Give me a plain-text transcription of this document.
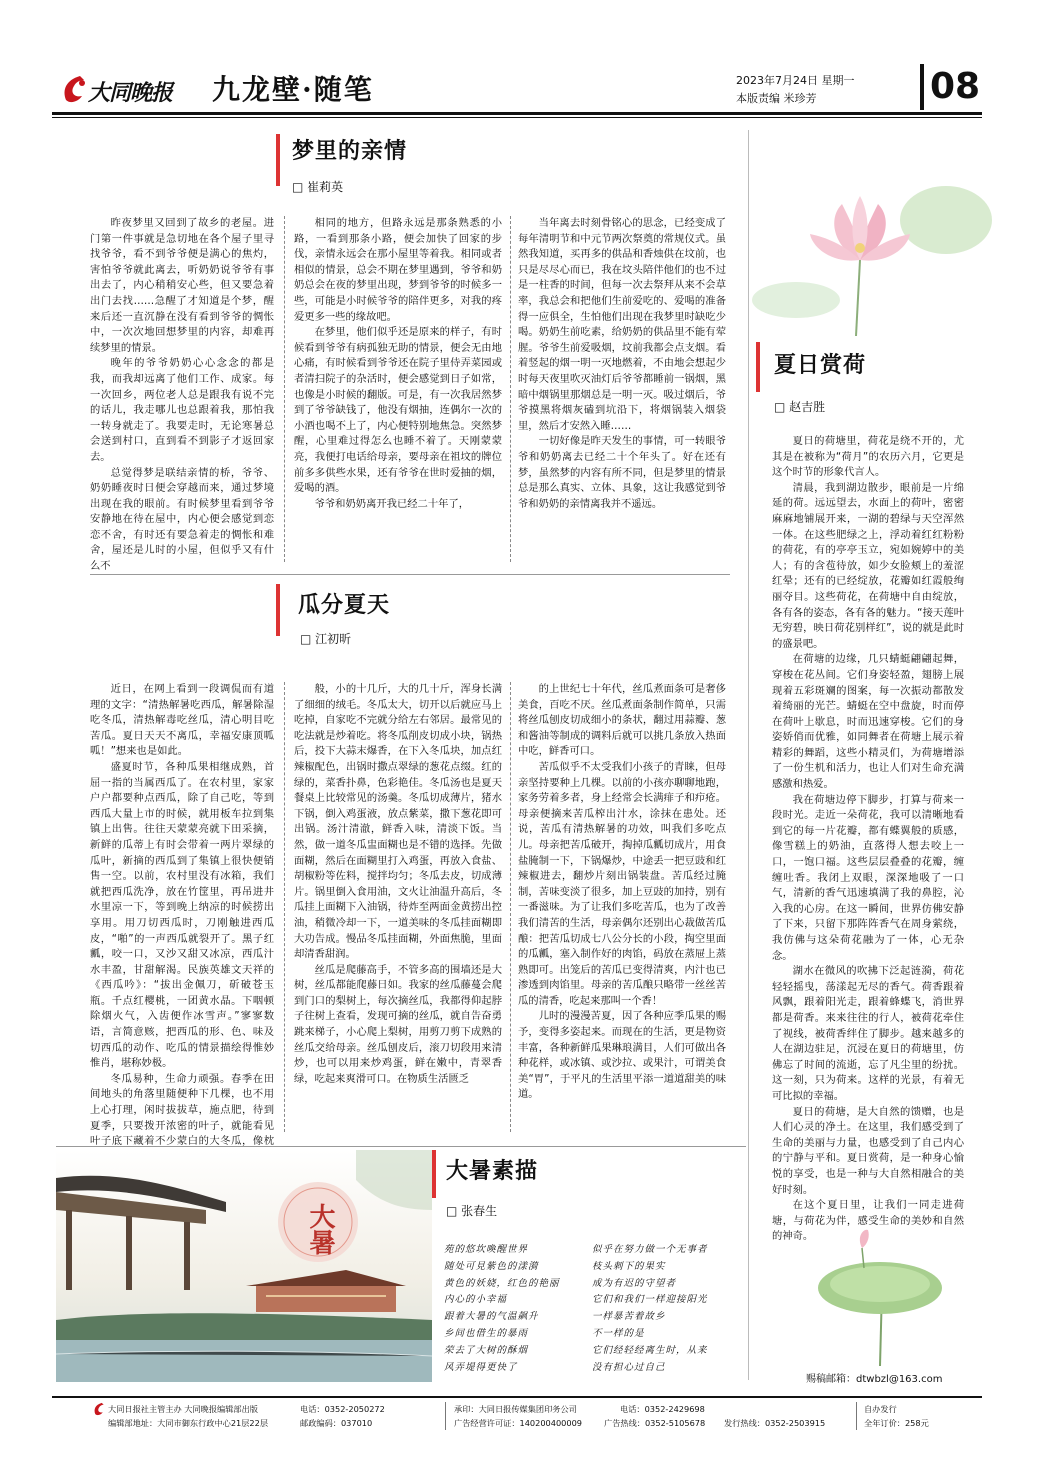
大同晚报 九龙壁·随笔	2023年7月24日 星期一
本版责编 米珍芳	08
梦里的亲情
□ 崔莉英

昨夜梦里又回到了故乡的老屋。进门第一件事就是急切地在各个屋子里寻找爷爷，看不到爷爷便是满心的焦灼，害怕爷爷就此离去，听奶奶说爷爷有事出去了，内心稍稍安心些，但又要急着出门去找……急醒了才知道是个梦，醒来后还一直沉静在没有看到爷爷的惆怅中，一次次地回想梦里的内容，却难再续梦里的情景。

晚年的爷爷奶奶心心念念的都是我，而我却远离了他们工作、成家。每一次回乡，两位老人总是跟我有说不完的话儿，我走哪儿也总跟着我，那怕我一转身就走了。我要走时，无论寒暑总会送到村口，直到看不到影子才返回家去。

总觉得梦是联结亲情的桥，爷爷、奶奶睡夜时日便会穿越而来，通过梦境出现在我的眼前。有时候梦里看到爷爷安静地在待在屋中，内心便会感觉到恋恋不舍，有时还有要急着走的惆怅和难舍，屋还是儿时的小屋，但似乎又有什么不

相同的地方，但路永远是那条熟悉的小路，一看到那条小路，便会加快了回家的步伐，亲情永远会在那小屋里等着我。相同或者相似的情景，总会不期在梦里遇到，爷爷和奶奶总会在夜的梦里出现，梦到爷爷的时候多一些，可能是小时候爷爷的陪伴更多，对我的疼爱更多一些的缘故吧。

在梦里，他们似乎还是原来的样子，有时候看到爷爷有病孤独无助的情景，便会无由地心痛，有时候看到爷爷还在院子里侍弄菜园或者清扫院子的杂活时，便会感觉到日子如常，也像是小时候的翻版。可是，有一次我居然梦到了爷爷缺钱了，他没有烟抽，连偶尔一次的小酒也喝不上了，内心便特别地焦急。突然梦醒，心里难过得怎么也睡不着了。天刚蒙蒙亮，我便打电话给母亲，要母亲在祖坟的牌位前多多供些水果，还有爷爷在世时爱抽的烟，爱喝的酒。

爷爷和奶奶离开我已经二十年了，

当年离去时刻骨铭心的思念，已经变成了每年清明节和中元节两次祭奠的常规仪式。虽然我知道，买再多的供品和香烛供在坟前，也只是尽尽心而已，我在坟头陪伴他们的也不过是一柱香的时间，但每一次去祭拜从来不会草率，我总会和把他们生前爱吃的、爱喝的准备得一应俱全，生怕他们出现在我梦里时缺吃少喝。奶奶生前吃素，给奶奶的供品里不能有荤腥。爷爷生前爱吸烟，坟前我都会点支烟。看着竖起的烟一明一灭地燃着，不由地会想起少时每天夜里吹灭油灯后爷爷都睡前一锅烟，黑暗中烟锅里那烟总是一明一灭。吸过烟后，爷爷摸黑将烟灰磕到坑沿下，将烟锅装入烟袋里，然后才安然入睡……

一切好像是昨天发生的事情，可一转眼爷爷和奶奶离去已经二十个年头了。好在还有梦，虽然梦的内容有所不同，但是梦里的情景总是那么真实、立体、具象，这让我感觉到爷爷和奶奶的亲情离我并不遥远。

瓜分夏天
□ 江初昕

近日，在网上看到一段调侃而有道理的文字：“清热解暑吃西瓜，解暑除湿吃冬瓜，清热解毒吃丝瓜，清心明目吃苦瓜。夏日天天不离瓜，幸福安康顶呱呱！”想来也是如此。

盛夏时节，各种瓜果相继成熟，首屈一指的当属西瓜了。在农村里，家家户户都要种点西瓜，除了自己吃，等到西瓜大量上市的时候，就用板车拉到集镇上出售。往往天蒙蒙亮就下田采摘，新鲜的瓜蒂上有时会带着一两片翠绿的瓜叶，新摘的西瓜到了集镇上很快便销售一空。以前，农村里没有冰箱，我们就把西瓜洗净，放在竹筐里，再吊进井水里凉一下，等到晚上纳凉的时候捞出享用。用刀切西瓜时，刀刚触进西瓜皮，“啪”的一声西瓜就裂开了。黑子红瓤，咬一口，又沙又甜又冰凉，西瓜汁水丰盈，甘甜解渴。民族英雄文天祥的《西瓜吟》：“拔出金佩刀，斫破苍玉瓶。千点红樱桃，一团黄水晶。下咽顿除烟火气，入齿便作冰雪声。”寥寥数语，言简意赅，把西瓜的形、色、味及切西瓜的动作、吃瓜的情景描绘得惟妙惟肖，堪称妙极。

冬瓜易种，生命力顽强。春季在田间地头的角落里随便种下几棵，也不用上心打理，闲时拔拔草，施点肥，待到夏季，只要拨开浓密的叶子，就能看见叶子底下藏着不少蒙白的大冬瓜，像枕

般，小的十几斤，大的几十斤，浑身长满了细细的绒毛。冬瓜太大，切开以后就应马上吃掉，自家吃不完就分给左右邻居。最常见的吃法就是炒着吃。将冬瓜削皮切成小块，锅热后，投下大蒜末爆香，在下入冬瓜块，加点红辣椒配色，出锅时撒点翠绿的葱花点缀。红的绿的，菜香扑鼻，色彩艳佳。冬瓜汤也是夏天餐桌上比较常见的汤羹。冬瓜切成薄片，猪水下锅，倒入鸡蛋液，放点紫菜，撒下葱花即可出锅。汤汁清澈，鲜香入味，清淡下饭。当然，做一道冬瓜盅面糊也是不错的选择。先做面糊，然后在面糊里打入鸡蛋，再放入食盐、胡椒粉等佐料，搅拌均匀；冬瓜去皮，切成薄片。锅里倒入食用油，文火让油温升高后，冬瓜挂上面糊下入油锅，待炸至两面金黄捞出控油，稍微冷却一下，一道美味的冬瓜挂面糊即大功告成。慢品冬瓜挂面糊，外面焦脆，里面却清香甜润。

丝瓜是爬藤高手，不管多高的围墙还是大树，丝瓜都能爬藤日如。我家的丝瓜藤蔓会爬到门口的梨树上，每次摘丝瓜，我都得仰起脖子往树上查看，发现可摘的丝瓜，就自告奋勇跳来梯子，小心爬上梨树，用剪刀剪下成熟的丝瓜交给母亲。丝瓜刨皮后，滚刀切段用来清炒，也可以用来炒鸡蛋，鲜在嫩中，青翠香绿，吃起来爽滑可口。在物质生活匮乏

的上世纪七十年代，丝瓜煮面条可是奢侈美食，百吃不厌。丝瓜煮面条制作简单，只需将丝瓜刨皮切成细小的条状，翻过用蒜瓣、葱和酱油等制成的调料后就可以挑几条放入热面中吃，鲜香可口。

苦瓜似乎不太受我们小孩子的青睐，但母亲坚持要种上几棵。以前的小孩亦聊聊地跑，家务劳着多者，身上经常会长满痱子和疖疮。母亲便摘来苦瓜榨出汁水，涂抹在患处。还说，苦瓜有清热解暑的功效，叫我们多吃点儿。母亲把苦瓜破开，掏掉瓜瓤切成片，用食盐腌制一下，下锅爆炒，中途丢一把豆豉和红辣椒进去，翻炒片刻出锅装盘。苦瓜经过腌制，苦味变淡了很多，加上豆豉的加持，别有一番滋味。为了让我们多吃苦瓜，也为了改善我们清苦的生活，母亲偶尔还别出心裁做苦瓜酿：把苦瓜切成七八公分长的小段，掏空里面的瓜瓤，塞入制作好的肉馅，码放在蒸屉上蒸熟即可。出笼后的苦瓜已变得清爽，内汁也已渗透到肉馅里。母亲的苦瓜酿只略带一丝丝苦瓜的清香，吃起来那叫一个香！

儿时的漫漫苦夏，因了各种应季瓜果的赐予，变得多姿起来。而现在的生活，更是物资丰富，各种新鲜瓜果琳琅满目，人们可做出各种花样，或冰镇、或沙拉、或果汁，可谓美食美“胃”，于平凡的生活里平添一道道甜美的味道。

夏日赏荷
□ 赵吉胜

夏日的荷塘里，荷花是绕不开的，尤其是在被称为“荷月”的农历六月，它更是这个时节的形象代言人。

清晨，我到湖边散步，眼前是一片绵延的荷。远远望去，水面上的荷叶，密密麻麻地铺展开来，一湖的碧绿与天空浑然一体。在这些肥绿之上，浮动着红红粉粉的荷花，有的亭亭玉立，宛如婉婷中的美人；有的含苞待放，如少女脸颊上的羞涩红晕；还有的已经绽放，花瓣如红霞般绚丽夺目。这些荷花，在荷塘中自由绽放，各有各的姿态，各有各的魅力。“接天莲叶无穷碧，映日荷花别样红”，说的就是此时的盛景吧。

在荷塘的边缘，几只蜻蜓翩翩起舞，穿梭在花丛间。它们身姿轻盈，翅膀上展现着五彩斑斓的图案，每一次振动都散发着绮丽的光芒。蜻蜓在空中盘旋，时而停在荷叶上歇息，时而迅速穿梭。它们的身姿娇俏而优雅，如同舞者在荷塘上展示着精彩的舞蹈，这些小精灵们，为荷塘增添了一份生机和活力，也让人们对生命充满感激和热爱。

我在荷塘边停下脚步，打算与荷来一段时光。走近一朵荷花，我可以清晰地看到它的每一片花瓣，都有蝶翼般的质感，像雪糕上的奶油，直落得人想去咬上一口，一饱口福。这些层层叠叠的花瓣，缠缠吐香。我闭上双眼，深深地吸了一口气，清新的香气迅速填满了我的鼻腔，沁入我的心房。在这一瞬间，世界仿佛安静了下来，只留下那阵阵香气在周身萦绕，我仿佛与这朵荷花融为了一体，心无杂念。

湖水在微风的吹拂下泛起涟漪，荷花轻轻摇曳，荡漾起无尽的香气。荷香跟着风飘，跟着阳光走，跟着蜂蝶飞，消世界都是荷香。来来往往的行人，被荷花牵住了视线，被荷香绊住了脚步。越来越多的人在湖边驻足，沉浸在夏日的荷塘里，仿佛忘了时间的流逝，忘了凡尘里的纷扰。这一刻，只为荷来。这样的光景，有着无可比拟的幸福。

夏日的荷塘，是大自然的馈赠，也是人们心灵的净土。在这里，我们感受到了生命的美丽与力量，也感受到了自己内心的宁静与平和。夏日赏荷，是一种身心愉悦的享受，也是一种与大自然相融合的美好时刻。

在这个夏日里，让我们一同走进荷塘，与荷花为伴，感受生命的美妙和自然的神奇。

赐稿邮箱：dtwbzl@163.com
大暑
大暑素描
□ 张春生
苑的悠坎喚醒世界
随处可見紫色的漾漪
黄色的妖娆，红色的艳丽
内心的小幸福
跟着大暑的气温飙升
乡间也借生的暴雨
荣去了大树的酥烟
风弄堤得更快了
似乎在努力做一个无事者
枝头刺下的果实
成为有迟的守望者
它们和我们一样迎接阳光
一样暴苦着故乡
不一样的是
它们经轻经离生时，从来
没有担心过自己
大同日报社主管主办 大同晚报编辑部出版	电话：0352-2050272
编辑部地址：大同市御东行政中心21层22层	邮政编码：037010
承印：大同日报传媒集团印务公司	电话：0352-2429698
广告经营许可证：140200400009	广告热线：0352-5105678 发行热线：0352-2503915
自办发行
全年订价：258元
